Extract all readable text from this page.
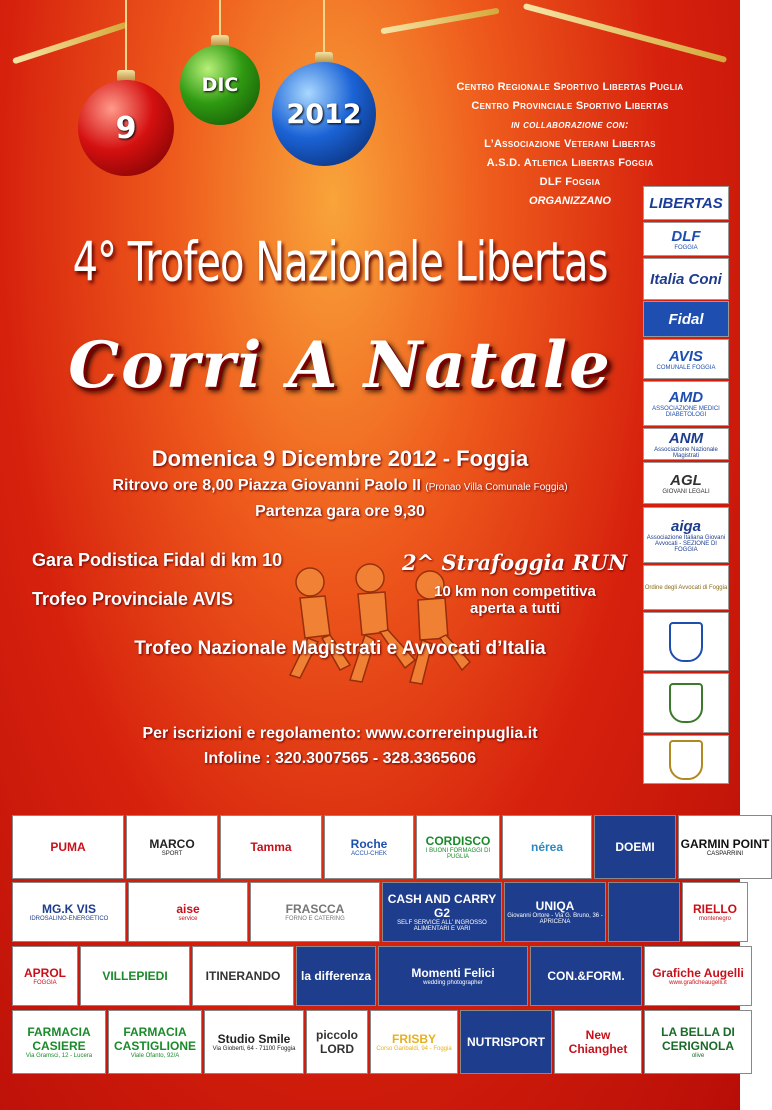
9
DIC
2012
Centro Regionale Sportivo Libertas Puglia
Centro Provinciale Sportivo Libertas
in collaborazione con:
L’Associazione Veterani Libertas
A.S.D. Atletica Libertas Foggia
DLF Foggia
ORGANIZZANO	LIBERTAS
DLF
FOGGIA
Italia Coni
Fidal
AVIS
COMUNALE FOGGIA
AMD
ASSOCIAZIONE MEDICI DIABETOLOGI
ANM
Associazione Nazionale Magistrati
AGL
GIOVANI LEGALI
aiga
Associazione Italiana Giovani Avvocati - SEZIONE DI FOGGIA
Ordine degli Avvocati di Foggia
4° Trofeo Nazionale Libertas
Corri A Natale
Domenica 9 Dicembre 2012 - Foggia
Ritrovo ore 8,00 Piazza Giovanni Paolo II (Pronao Villa Comunale Foggia)
Partenza gara ore 9,30
Gara Podistica Fidal di km 10
Trofeo Provinciale AVIS
2^ Strafoggia RUN
10 km non competitiva
aperta a tutti
Trofeo Nazionale Magistrati e Avvocati d’Italia
Per iscrizioni e regolamento: www.correreinpuglia.it
Infoline : 320.3007565 - 328.3365606
PUMA	MARCO
SPORT	Tamma	Roche
ACCU-CHEK
CORDISCO
I BUONI FORMAGGI DI PUGLIA
nérea	DOEMI GARMIN POINT
CASPARRINI
MG.K VIS
IDROSALINO-ENERGETICO
aise
service
FRASCCA
FORNO E CATERING
CASH AND CARRY G2
SELF SERVICE ALL’ INGROSSO ALIMENTARI E VARI
UNIQA
Giovanni Ortore - Via G. Bruno, 36 - APRICENA
RIELLO
montenegro
APROL
FOGGIA	VILLEPIEDI	ITINERANDO la differenza	Momenti Felici
wedding photographer	CON.&FORM. Grafiche Augelli
www.graficheaugelli.it
FARMACIA CASIERE
Via Gramsci, 12 - Lucera
FARMACIA CASTIGLIONE
Viale Ofanto, 92/A
Studio Smile
Via Gioberti, 64 - 71100 Foggia
piccolo LORD
FRISBY
Corso Garibaldi, 94 - Foggia NUTRISPORT	New Chianghet
LA BELLA DI CERIGNOLA
olive
